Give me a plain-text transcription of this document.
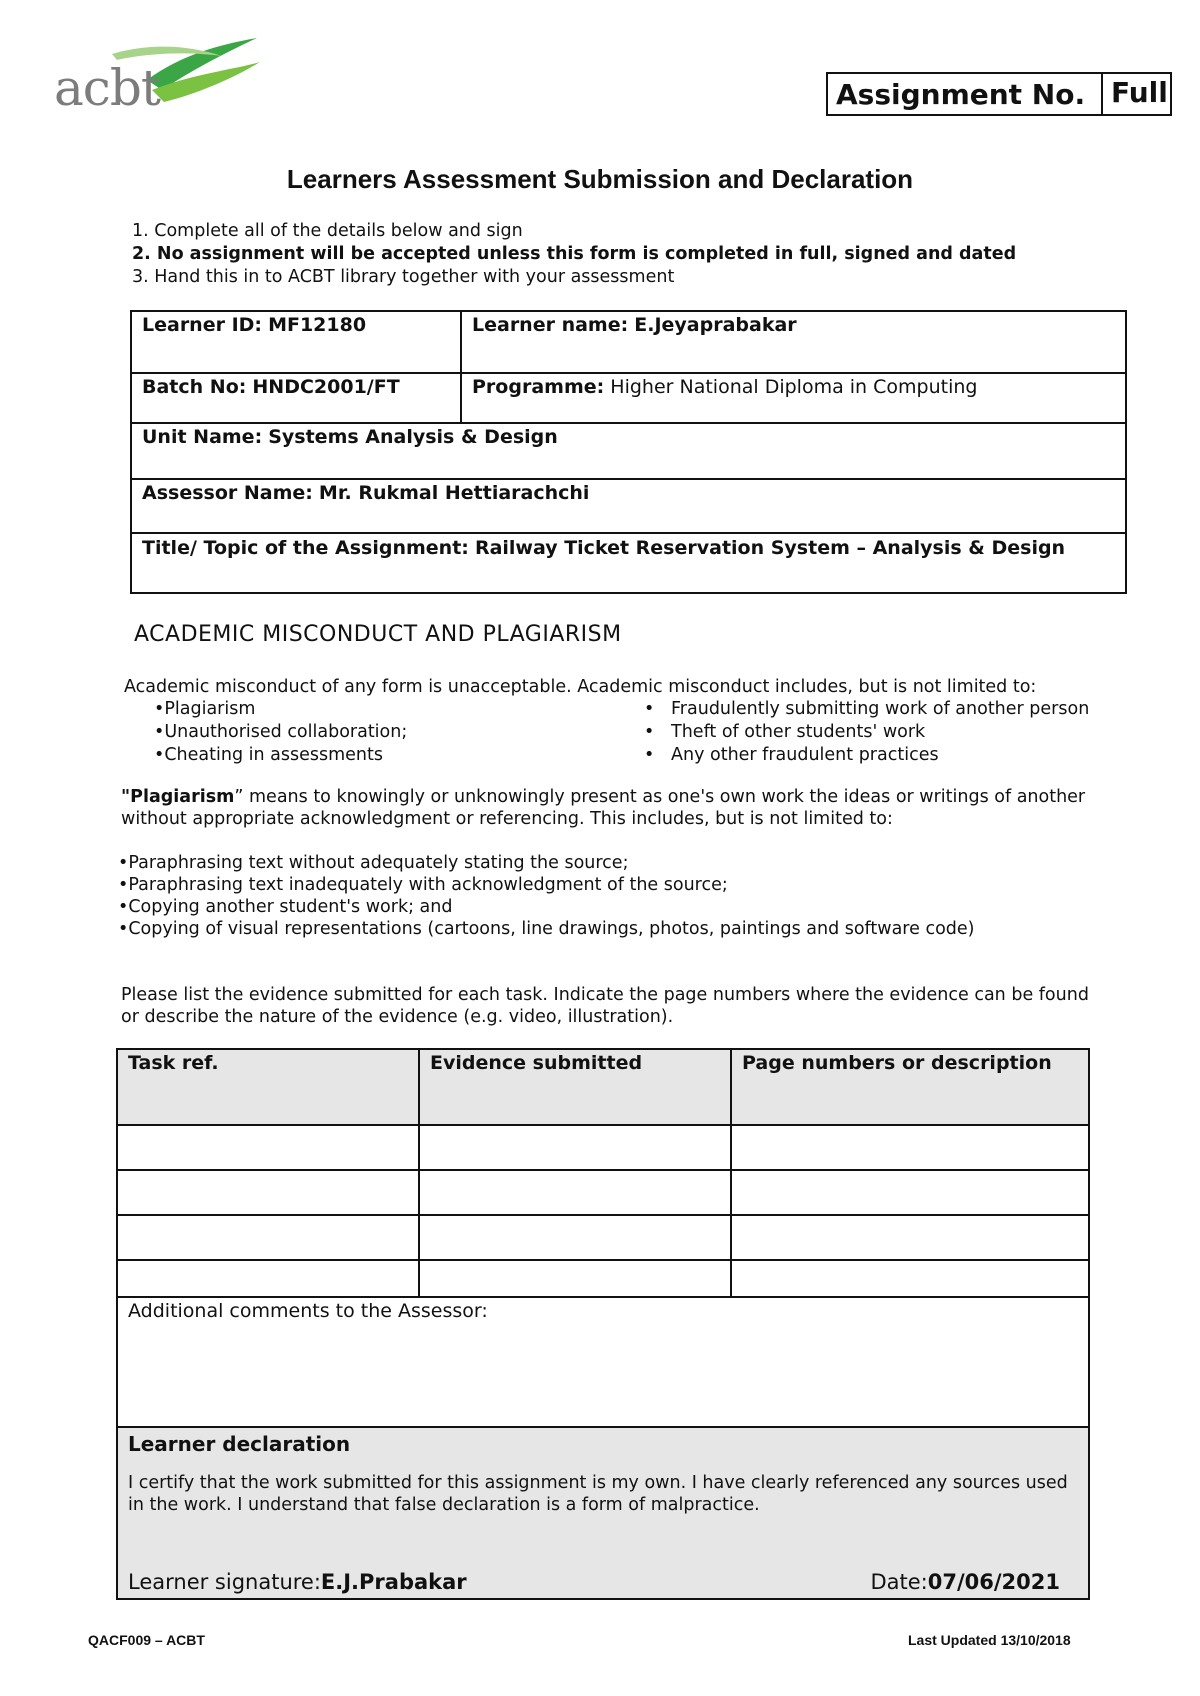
acbt	Assignment No. Full
Learners Assessment Submission and Declaration
1. Complete all of the details below and sign
2. No assignment will be accepted unless this form is completed in full, signed and dated
3. Hand this in to ACBT library together with your assessment
Learner ID: MF12180	Learner name: E.Jeyaprabakar
Batch No: HNDC2001/FT	Programme: Higher National Diploma in Computing
Unit Name: Systems Analysis & Design	
Assessor Name: Mr. Rukmal Hettiarachchi	
Title/ Topic of the Assignment: Railway Ticket Reservation System – Analysis & Design	
ACADEMIC MISCONDUCT AND PLAGIARISM
Academic misconduct of any form is unacceptable. Academic misconduct includes, but is not limited to:
•Plagiarism
•Unauthorised collaboration;
•Cheating in assessments
•   Fraudulently submitting work of another person
•   Theft of other students' work
•   Any other fraudulent practices
"Plagiarism” means to knowingly or unknowingly present as one's own work the ideas or writings of another
without appropriate acknowledgment or referencing. This includes, but is not limited to:
•Paraphrasing text without adequately stating the source;
•Paraphrasing text inadequately with acknowledgment of the source;
•Copying another student's work; and
•Copying of visual representations (cartoons, line drawings, photos, paintings and software code)
Please list the evidence submitted for each task. Indicate the page numbers where the evidence can be found
or describe the nature of the evidence (e.g. video, illustration).
Task ref.	Evidence submitted	Page numbers or description

Additional comments to the Assessor:		

Learner declaration
I certify that the work submitted for this assignment is my own. I have clearly referenced any sources used in the work. I understand that false declaration is a form of malpractice.
Learner signature:E.J.Prabakar Date:07/06/2021		
QACF009 – ACBT	Last Updated 13/10/2018
